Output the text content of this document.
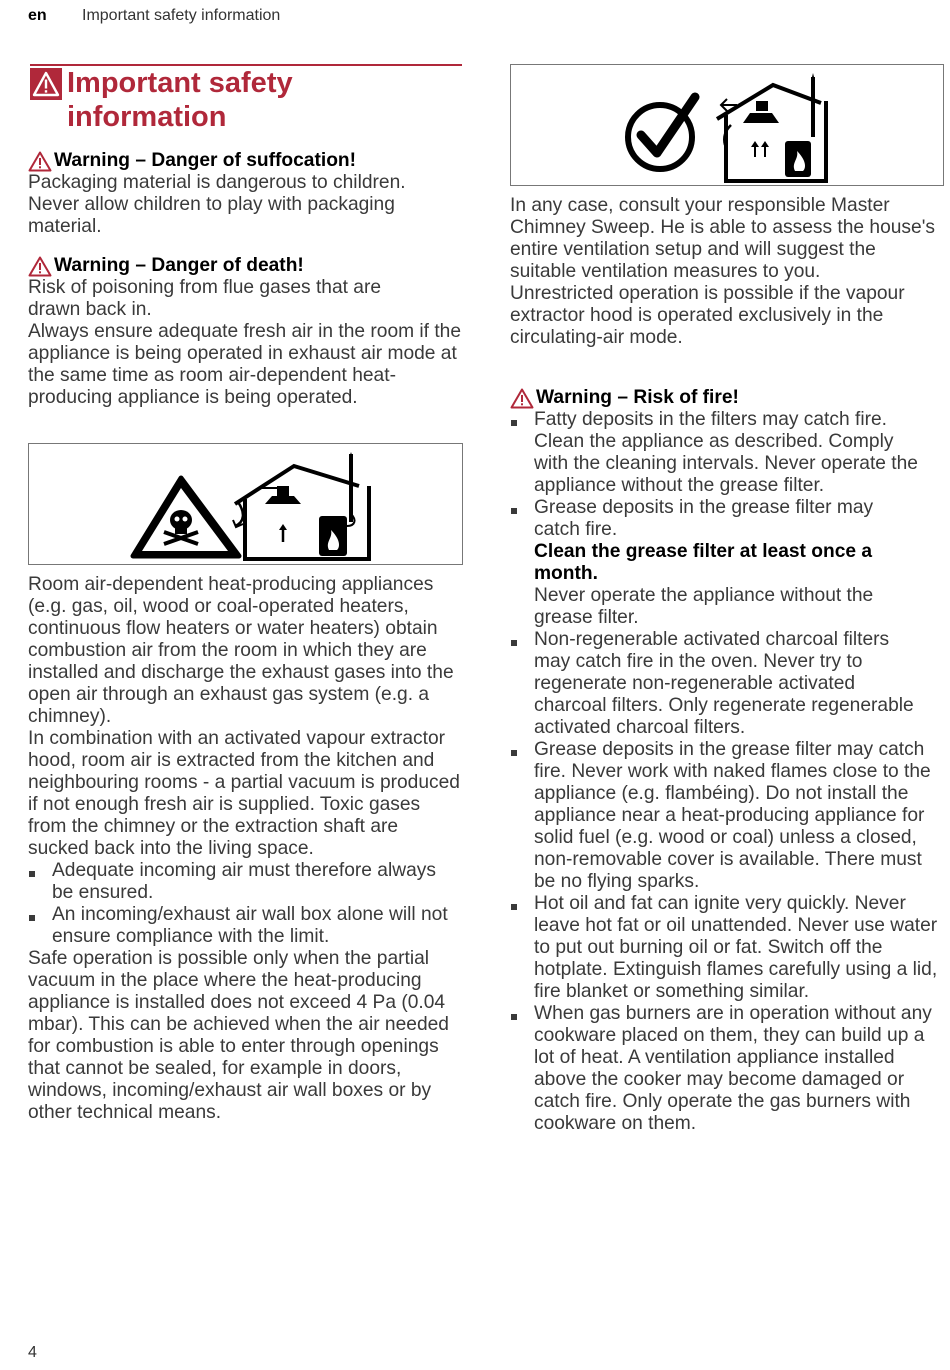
en Important safety information
Important safety information

Warning – Danger of suffocation!

Packaging material is dangerous to children. Never allow children to play with packaging material.

Warning – Danger of death!

Risk of poisoning from flue gases that are drawn back in.

Always ensure adequate fresh air in the room if the appliance is being operated in exhaust air mode at the same time as room air-dependent heat-producing appliance is being operated.

Room air-dependent heat-producing appliances (e.g. gas, oil, wood or coal-operated heaters, continuous flow heaters or water heaters) obtain combustion air from the room in which they are installed and discharge the exhaust gases into the open air through an exhaust gas system (e.g. a chimney).

In combination with an activated vapour extractor hood, room air is extracted from the kitchen and neighbouring rooms - a partial vacuum is produced if not enough fresh air is supplied. Toxic gases from the chimney or the extraction shaft are sucked back into the living space.

Adequate incoming air must therefore always be ensured.
An incoming/exhaust air wall box alone will not ensure compliance with the limit.

Safe operation is possible only when the partial vacuum in the place where the heat-producing appliance is installed does not exceed 4 Pa (0.04 mbar). This can be achieved when the air needed for combustion is able to enter through openings that cannot be sealed, for example in doors, windows, incoming/exhaust air wall boxes or by other technical means.

In any case, consult your responsible Master Chimney Sweep. He is able to assess the house's entire ventilation setup and will suggest the suitable ventilation measures to you.

Unrestricted operation is possible if the vapour extractor hood is operated exclusively in the circulating-air mode.

Warning – Risk of fire!

Fatty deposits in the filters may catch fire. Clean the appliance as described. Comply with the cleaning intervals. Never operate the appliance without the grease filter.
Grease deposits in the grease filter may catch fire.
Clean the grease filter at least once a month.
Never operate the appliance without the grease filter.
Non-regenerable activated charcoal filters may catch fire in the oven. Never try to regenerate non-regenerable activated charcoal filters. Only regenerate regenerable activated charcoal filters.
Grease deposits in the grease filter may catch fire. Never work with naked flames close to the appliance (e.g. flambéing). Do not install the appliance near a heat-producing appliance for solid fuel (e.g. wood or coal) unless a closed, non-removable cover is available. There must be no flying sparks.
Hot oil and fat can ignite very quickly. Never leave hot fat or oil unattended. Never use water to put out burning oil or fat. Switch off the hotplate. Extinguish flames carefully using a lid, fire blanket or something similar.
When gas burners are in operation without any cookware placed on them, they can build up a lot of heat. A ventilation appliance installed above the cooker may become damaged or catch fire. Only operate the gas burners with cookware on them.
4
